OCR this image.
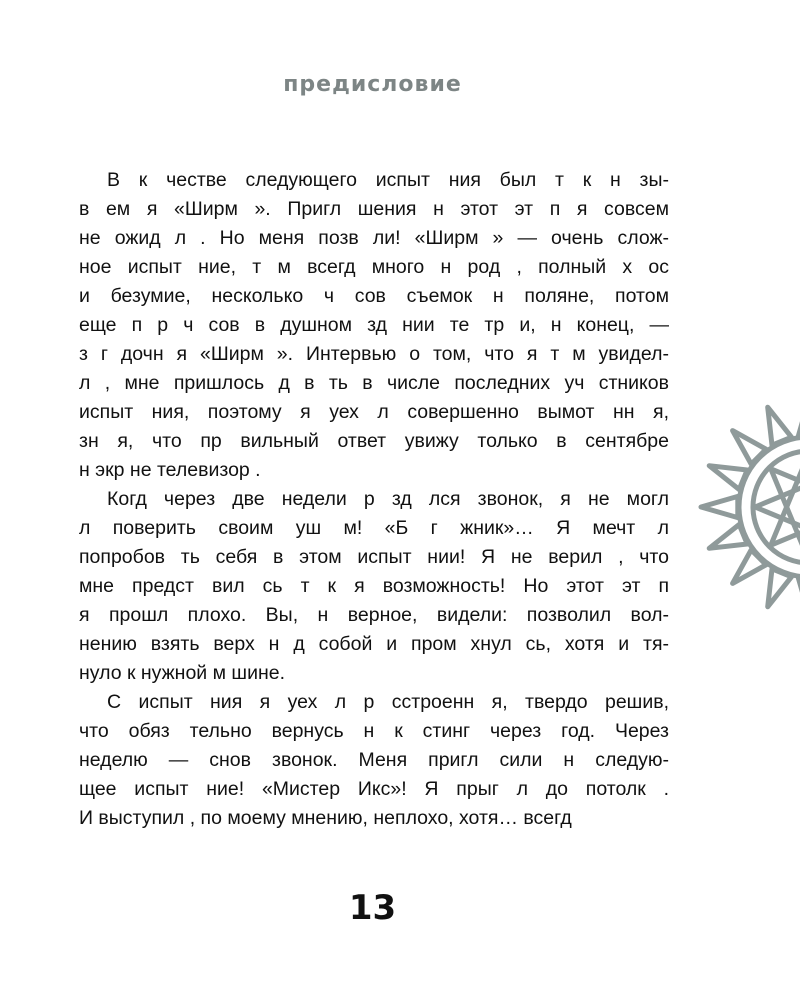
предисловие
В к честве следующего испыт ния был т к н зы-
в ем я «Ширм ». Пригл шения н этот эт п я совсем
не ожид л . Но меня позв ли! «Ширм » — очень слож-
ное испыт ние, т м всегд много н род , полный х ос
и безумие, несколько ч сов съемок н поляне, потом
еще п р ч сов в душном зд нии те тр и, н конец, —
з г дочн я «Ширм ». Интервью о том, что я т м увидел-
л , мне пришлось д в ть в числе последних уч стников
испыт ния, поэтому я уех л совершенно вымот нн я,
зн я, что пр вильный ответ увижу только в сентябре
н экр не телевизор .
Когд через две недели р зд лся звонок, я не могл
л поверить своим уш м! «Б г жник»… Я мечт л
попробов ть себя в этом испыт нии! Я не верил , что
мне предст вил сь т к я возможность! Но этот эт п
я прошл плохо. Вы, н верное, видели: позволил вол-
нению взять верх н д собой и пром хнул сь, хотя и тя-
нуло к нужной м шине.
С испыт ния я уех л р сстроенн я, твердо решив,
что обяз тельно вернусь н к стинг через год. Через
неделю — снов звонок. Меня пригл сили н следую-
щее испыт ние! «Мистер Икс»! Я прыг л до потолк .
И выступил , по моему мнению, неплохо, хотя… всегд
13
